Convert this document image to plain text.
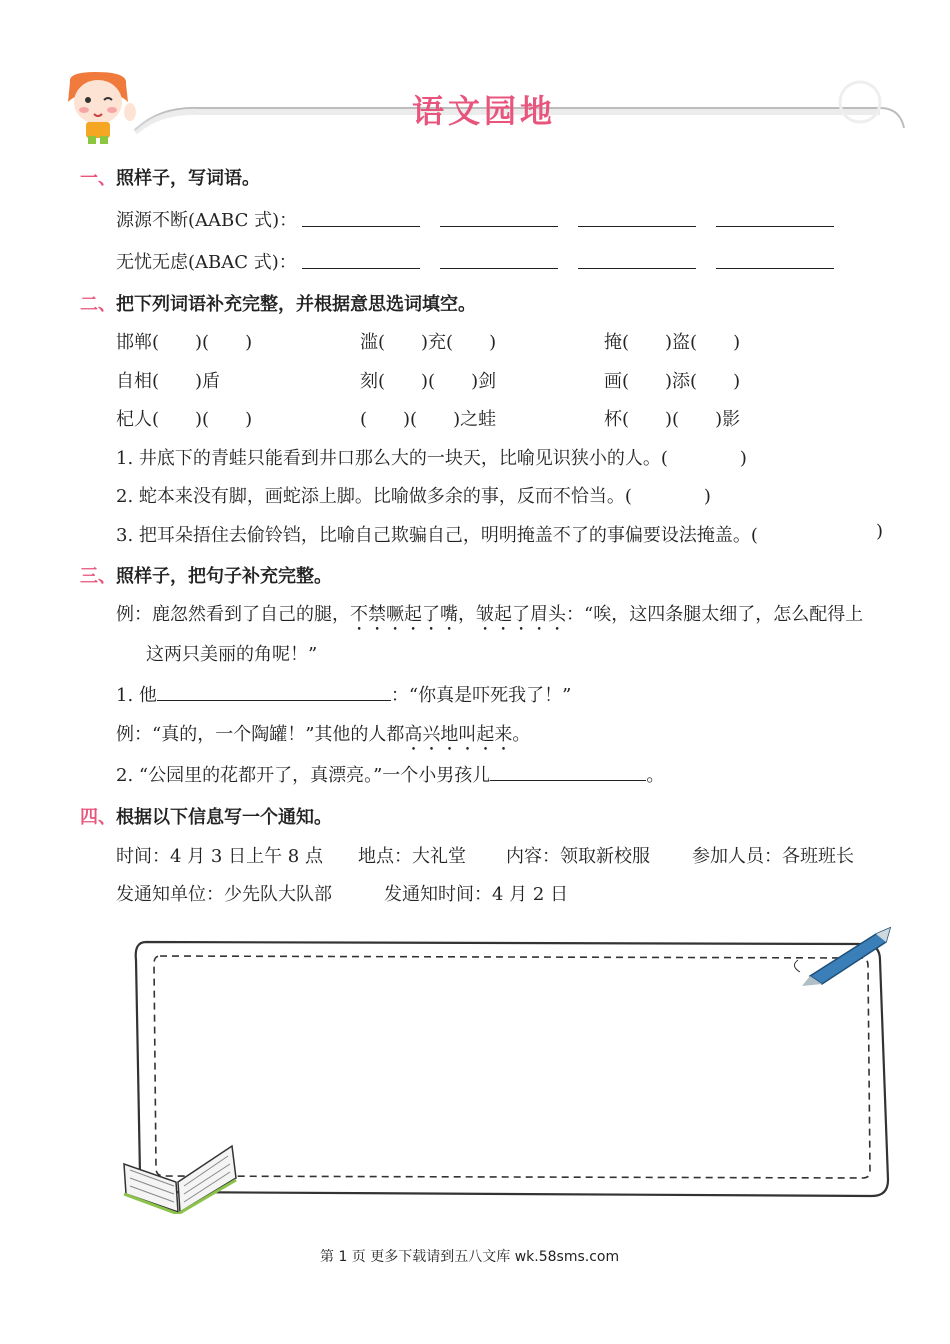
语文园地
一、照样子，写词语。
源源不断(AABC 式)：
无忧无虑(ABAC 式)：
二、把下列词语补充完整，并根据意思选词填空。
邯郸(　　)(　　)	滥(　　)充(　　)	掩(　　)盗(　　)
自相(　　)盾	刻(　　)(　　)剑	画(　　)添(　　)
杞人(　　)(　　)	(　　)(　　)之蛙	杯(　　)(　　)影
1. 井底下的青蛙只能看到井口那么大的一块天，比喻见识狭小的人。(　　　　)
2. 蛇本来没有脚，画蛇添上脚。比喻做多余的事，反而不恰当。(　　　　)
3. 把耳朵捂住去偷铃铛，比喻自己欺骗自己，明明掩盖不了的事偏要设法掩盖。(	)
三、照样子，把句子补充完整。
例：鹿忽然看到了自己的腿，不禁噘起了嘴，皱起了眉头：“唉，这四条腿太细了，怎么配得上
这两只美丽的角呢！”
1. 他	：“你真是吓死我了！”
例：“真的，一个陶罐！”其他的人都高兴地叫起来。
2. “公园里的花都开了，真漂亮。”一个小男孩儿	。
四、根据以下信息写一个通知。
时间：4 月 3 日上午 8 点 地点：大礼堂 内容：领取新校服 参加人员：各班班长
发通知单位：少先队大队部	发通知时间：4 月 2 日
第 1 页 更多下载请到五八文库 wk.58sms.com
